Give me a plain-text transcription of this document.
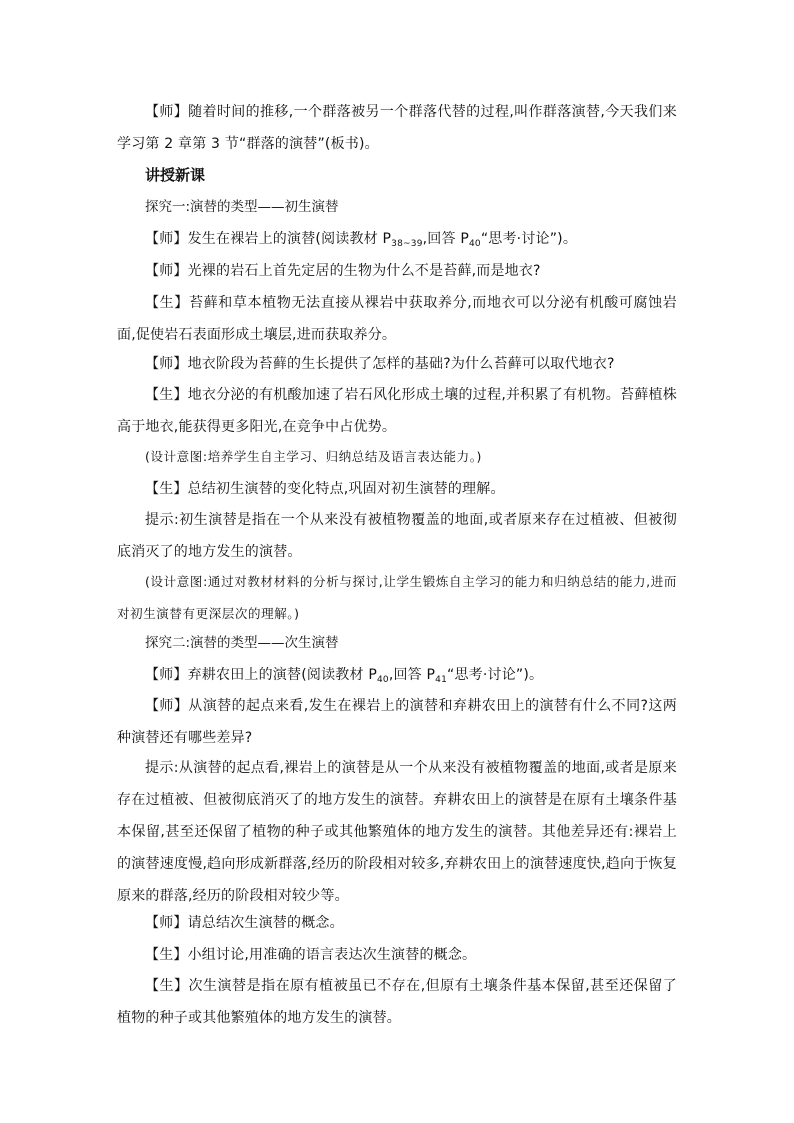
【师】随着时间的推移,一个群落被另一个群落代替的过程,叫作群落演替,今天我们来学习第 2 章第 3 节“群落的演替”(板书)。

讲授新课

探究一:演替的类型——初生演替

【师】发生在裸岩上的演替(阅读教材 $P_{38\sim 39}$,回答 $P_{40}“$思考·讨论”)。

【师】光裸的岩石上首先定居的生物为什么不是苔藓,而是地衣?

【生】苔藓和草本植物无法直接从裸岩中获取养分,而地衣可以分泌有机酸可腐蚀岩面,促使岩石表面形成土壤层,进而获取养分。

【师】地衣阶段为苔藓的生长提供了怎样的基础?为什么苔藓可以取代地衣?

【生】地衣分泌的有机酸加速了岩石风化形成土壤的过程,并积累了有机物。苔藓植株高于地衣,能获得更多阳光,在竞争中占优势。

(设计意图:培养学生自主学习、归纳总结及语言表达能力。)

【生】总结初生演替的变化特点,巩固对初生演替的理解。

提示:初生演替是指在一个从来没有被植物覆盖的地面,或者原来存在过植被、但被彻底消灭了的地方发生的演替。

(设计意图:通过对教材材料的分析与探讨,让学生锻炼自主学习的能力和归纳总结的能力,进而对初生演替有更深层次的理解。)

探究二:演替的类型——次生演替

【师】弃耕农田上的演替(阅读教材 $P_{40}$,回答 $P_{41}“$思考·讨论”)。

【师】从演替的起点来看,发生在裸岩上的演替和弃耕农田上的演替有什么不同?这两种演替还有哪些差异?

提示:从演替的起点看,裸岩上的演替是从一个从来没有被植物覆盖的地面,或者是原来存在过植被、但被彻底消灭了的地方发生的演替。弃耕农田上的演替是在原有土壤条件基本保留,甚至还保留了植物的种子或其他繁殖体的地方发生的演替。其他差异还有:裸岩上的演替速度慢,趋向形成新群落,经历的阶段相对较多,弃耕农田上的演替速度快,趋向于恢复原来的群落,经历的阶段相对较少等。

【师】请总结次生演替的概念。

【生】小组讨论,用准确的语言表达次生演替的概念。

【生】次生演替是指在原有植被虽已不存在,但原有土壤条件基本保留,甚至还保留了植物的种子或其他繁殖体的地方发生的演替。
